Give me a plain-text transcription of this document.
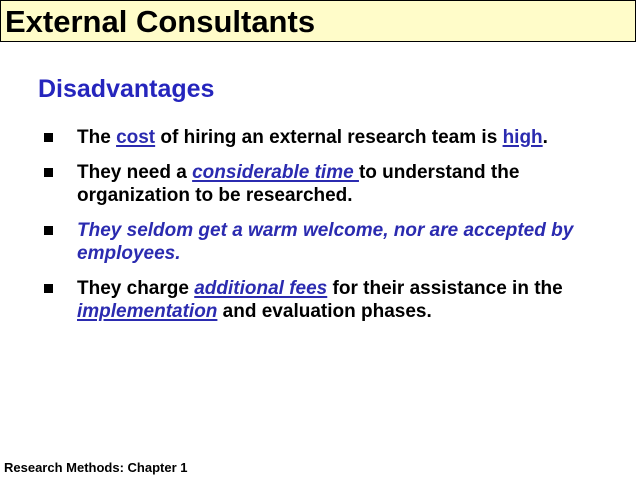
External Consultants
Disadvantages
The cost of hiring an external research team is high.
They need a considerable time to understand the organization to be researched.
They seldom get a warm welcome, nor are accepted by employees.
They charge additional fees for their assistance in the implementation and evaluation phases.
Research Methods: Chapter 1
